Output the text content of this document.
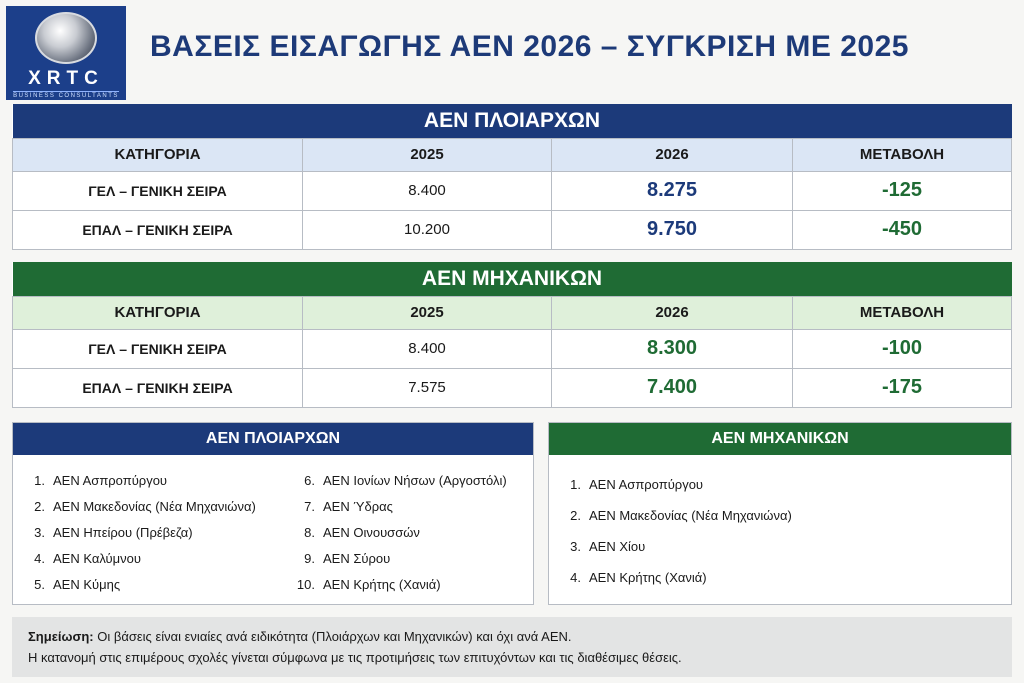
XRTC
BUSINESS CONSULTANTS
ΒΑΣΕΙΣ ΕΙΣΑΓΩΓΗΣ ΑΕΝ 2026 – ΣΥΓΚΡΙΣΗ ΜΕ 2025
ΑΕΝ ΠΛΟΙΑΡΧΩΝ			
ΚΑΤΗΓΟΡΙΑ	2025	2026	ΜΕΤΑΒΟΛΗ
ΓΕΛ – ΓΕΝΙΚΗ ΣΕΙΡΑ	8.400	8.275	-125
ΕΠΑΛ – ΓΕΝΙΚΗ ΣΕΙΡΑ	10.200	9.750	-450
ΑΕΝ ΜΗΧΑΝΙΚΩΝ			
ΚΑΤΗΓΟΡΙΑ	2025	2026	ΜΕΤΑΒΟΛΗ
ΓΕΛ – ΓΕΝΙΚΗ ΣΕΙΡΑ	8.400	8.300	-100
ΕΠΑΛ – ΓΕΝΙΚΗ ΣΕΙΡΑ	7.575	7.400	-175
ΑΕΝ ΠΛΟΙΑΡΧΩΝ
1. ΑΕΝ Ασπροπύργου
2. ΑΕΝ Μακεδονίας (Νέα Μηχανιώνα)
3. ΑΕΝ Ηπείρου (Πρέβεζα)
4. ΑΕΝ Καλύμνου
5. ΑΕΝ Κύμης
6. ΑΕΝ Ιονίων Νήσων (Αργοστόλι)
7. ΑΕΝ Ύδρας
8. ΑΕΝ Οινουσσών
9. ΑΕΝ Σύρου
10. ΑΕΝ Κρήτης (Χανιά)
ΑΕΝ ΜΗΧΑΝΙΚΩΝ
1. ΑΕΝ Ασπροπύργου
2. ΑΕΝ Μακεδονίας (Νέα Μηχανιώνα)
3. ΑΕΝ Χίου
4. ΑΕΝ Κρήτης (Χανιά)
Σημείωση: Οι βάσεις είναι ενιαίες ανά ειδικότητα (Πλοιάρχων και Μηχανικών) και όχι ανά ΑΕΝ.
Η κατανομή στις επιμέρους σχολές γίνεται σύμφωνα με τις προτιμήσεις των επιτυχόντων και τις διαθέσιμες θέσεις.
